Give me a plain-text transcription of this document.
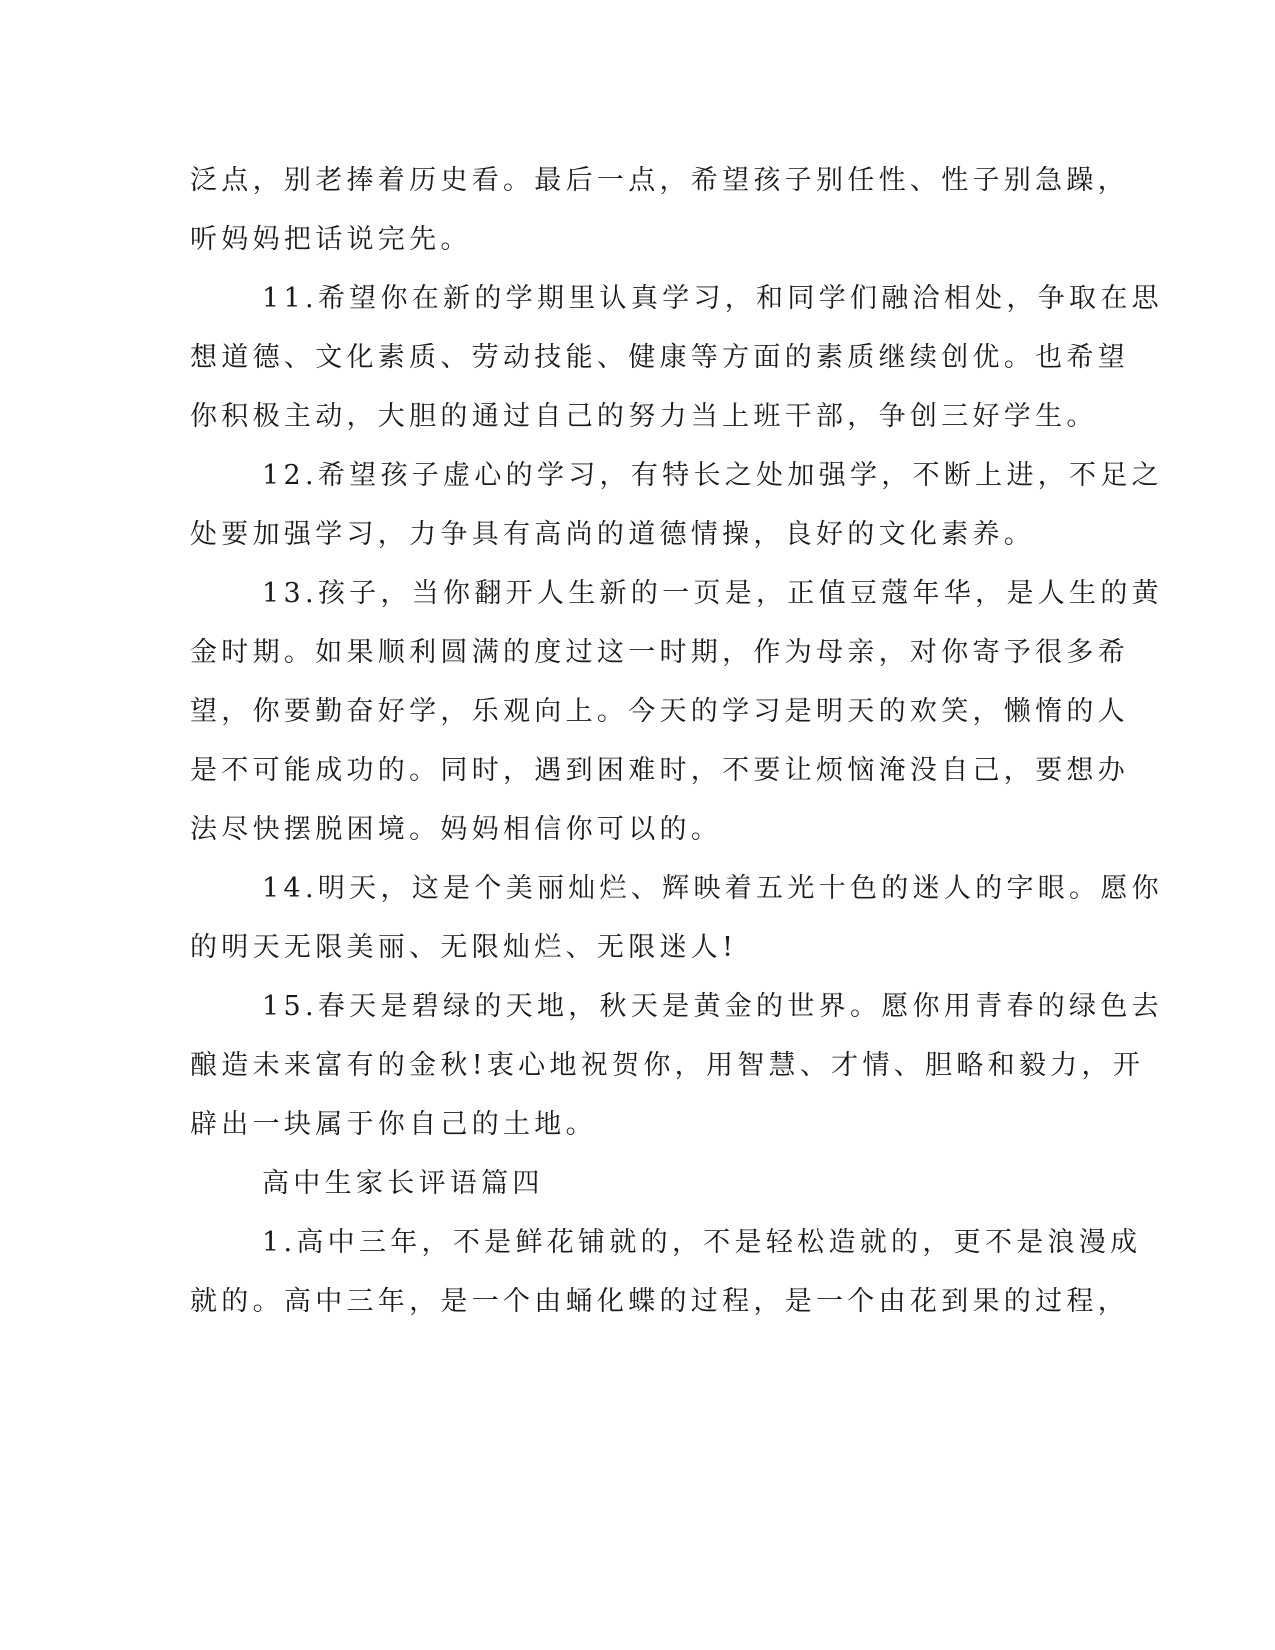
泛点，别老捧着历史看。最后一点，希望孩子别任性、性子别急躁，
听妈妈把话说完先。
11.希望你在新的学期里认真学习，和同学们融洽相处，争取在思
想道德、文化素质、劳动技能、健康等方面的素质继续创优。也希望
你积极主动，大胆的通过自己的努力当上班干部，争创三好学生。
12.希望孩子虚心的学习，有特长之处加强学，不断上进，不足之
处要加强学习，力争具有高尚的道德情操，良好的文化素养。
13.孩子，当你翻开人生新的一页是，正值豆蔻年华，是人生的黄
金时期。如果顺利圆满的度过这一时期，作为母亲，对你寄予很多希
望，你要勤奋好学，乐观向上。今天的学习是明天的欢笑，懒惰的人
是不可能成功的。同时，遇到困难时，不要让烦恼淹没自己，要想办
法尽快摆脱困境。妈妈相信你可以的。
14.明天，这是个美丽灿烂、辉映着五光十色的迷人的字眼。愿你
的明天无限美丽、无限灿烂、无限迷人!
15.春天是碧绿的天地，秋天是黄金的世界。愿你用青春的绿色去
酿造未来富有的金秋!衷心地祝贺你，用智慧、才情、胆略和毅力，开
辟出一块属于你自己的土地。
高中生家长评语篇四
1.高中三年，不是鲜花铺就的，不是轻松造就的，更不是浪漫成
就的。高中三年，是一个由蛹化蝶的过程，是一个由花到果的过程，
